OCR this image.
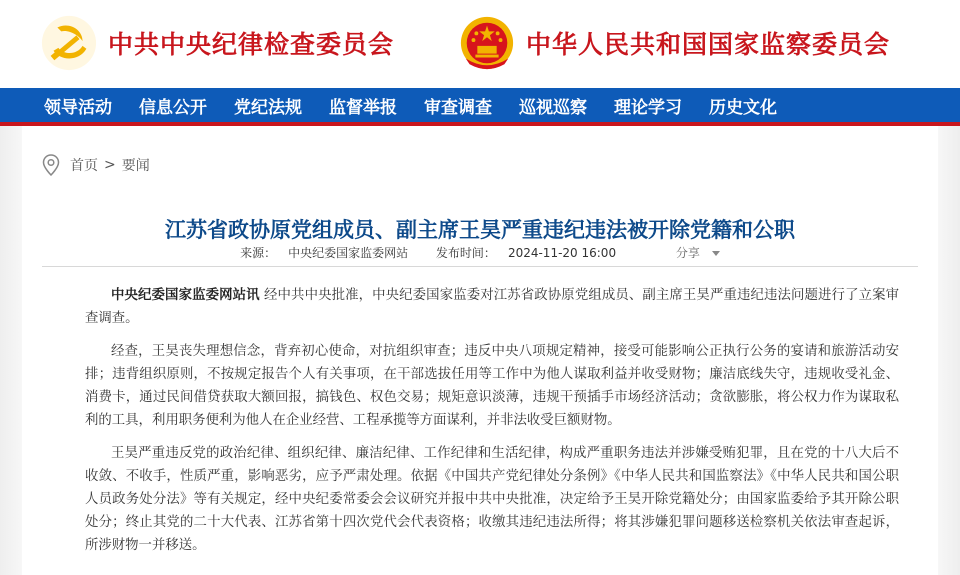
中共中央纪律检查委员会	中华人民共和国国家监察委员会
领导活动 信息公开 党纪法规 监督举报 审查调查 巡视巡察 理论学习 历史文化
首页 > 要闻
江苏省政协原党组成员、副主席王昊严重违纪违法被开除党籍和公职
来源： 中央纪委国家监委网站 发布时间： 2024-11-20 16:00	分享

中央纪委国家监委网站讯 经中共中央批准，中央纪委国家监委对江苏省政协原党组成员、副主席王昊严重违纪违法问题进行了立案审查调查。

经查，王昊丧失理想信念，背弃初心使命，对抗组织审查；违反中央八项规定精神，接受可能影响公正执行公务的宴请和旅游活动安排；违背组织原则，不按规定报告个人有关事项，在干部选拔任用等工作中为他人谋取利益并收受财物；廉洁底线失守，违规收受礼金、消费卡，通过民间借贷获取大额回报，搞钱色、权色交易；规矩意识淡薄，违规干预插手市场经济活动；贪欲膨胀，将公权力作为谋取私利的工具，利用职务便利为他人在企业经营、工程承揽等方面谋利，并非法收受巨额财物。

王昊严重违反党的政治纪律、组织纪律、廉洁纪律、工作纪律和生活纪律，构成严重职务违法并涉嫌受贿犯罪，且在党的十八大后不收敛、不收手，性质严重，影响恶劣，应予严肃处理。依据《中国共产党纪律处分条例》《中华人民共和国监察法》《中华人民共和国公职人员政务处分法》等有关规定，经中央纪委常委会会议研究并报中共中央批准，决定给予王昊开除党籍处分；由国家监委给予其开除公职处分；终止其党的二十大代表、江苏省第十四次党代会代表资格；收缴其违纪违法所得；将其涉嫌犯罪问题移送检察机关依法审查起诉，所涉财物一并移送。
